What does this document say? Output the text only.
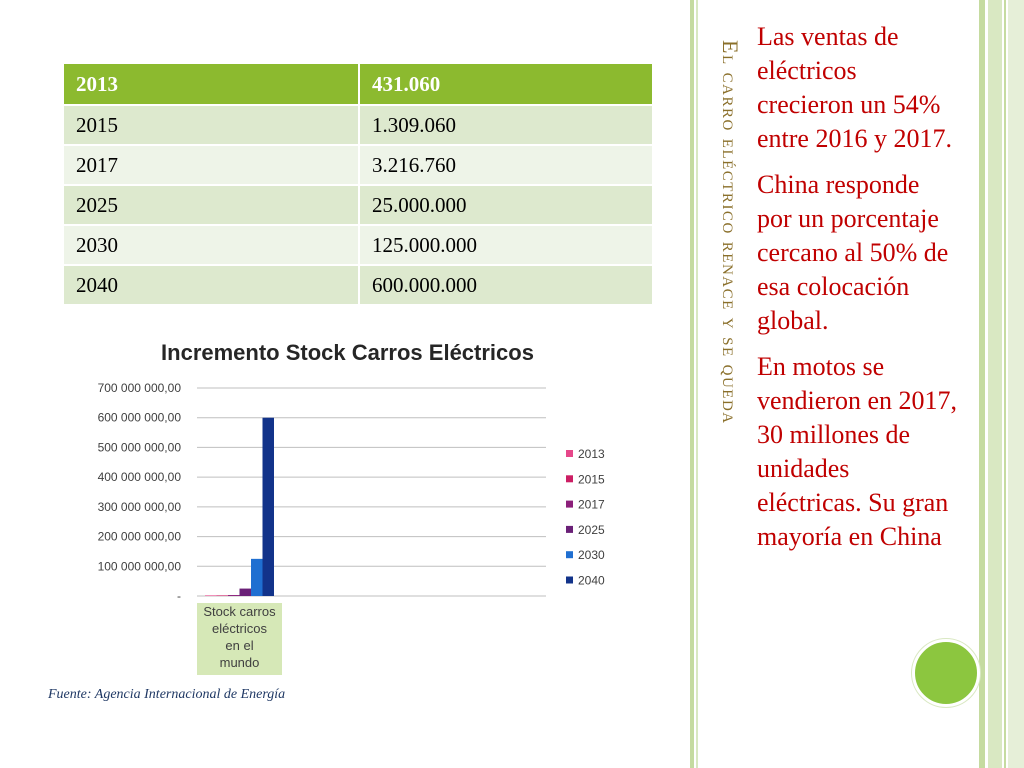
2013	431.060
2015	1.309.060
2017	3.216.760
2025	25.000.000
2030	125.000.000
2040	600.000.000
Incremento Stock Carros Eléctricos
-
100 000 000,00
200 000 000,00
300 000 000,00
400 000 000,00
500 000 000,00
600 000 000,00
700 000 000,00
2013
2015
2017
2025
2030
2040
Stock carros
eléctricos
en el
mundo
Fuente: Agencia Internacional de Energía
El carro eléctrico renace y se queda

Las ventas de eléctricos crecieron un 54% entre 2016 y 2017.

China responde por un porcentaje cercano al 50% de esa colocación global.

En motos se vendieron en 2017, 30 millones de unidades eléctricas. Su gran mayoría en China
